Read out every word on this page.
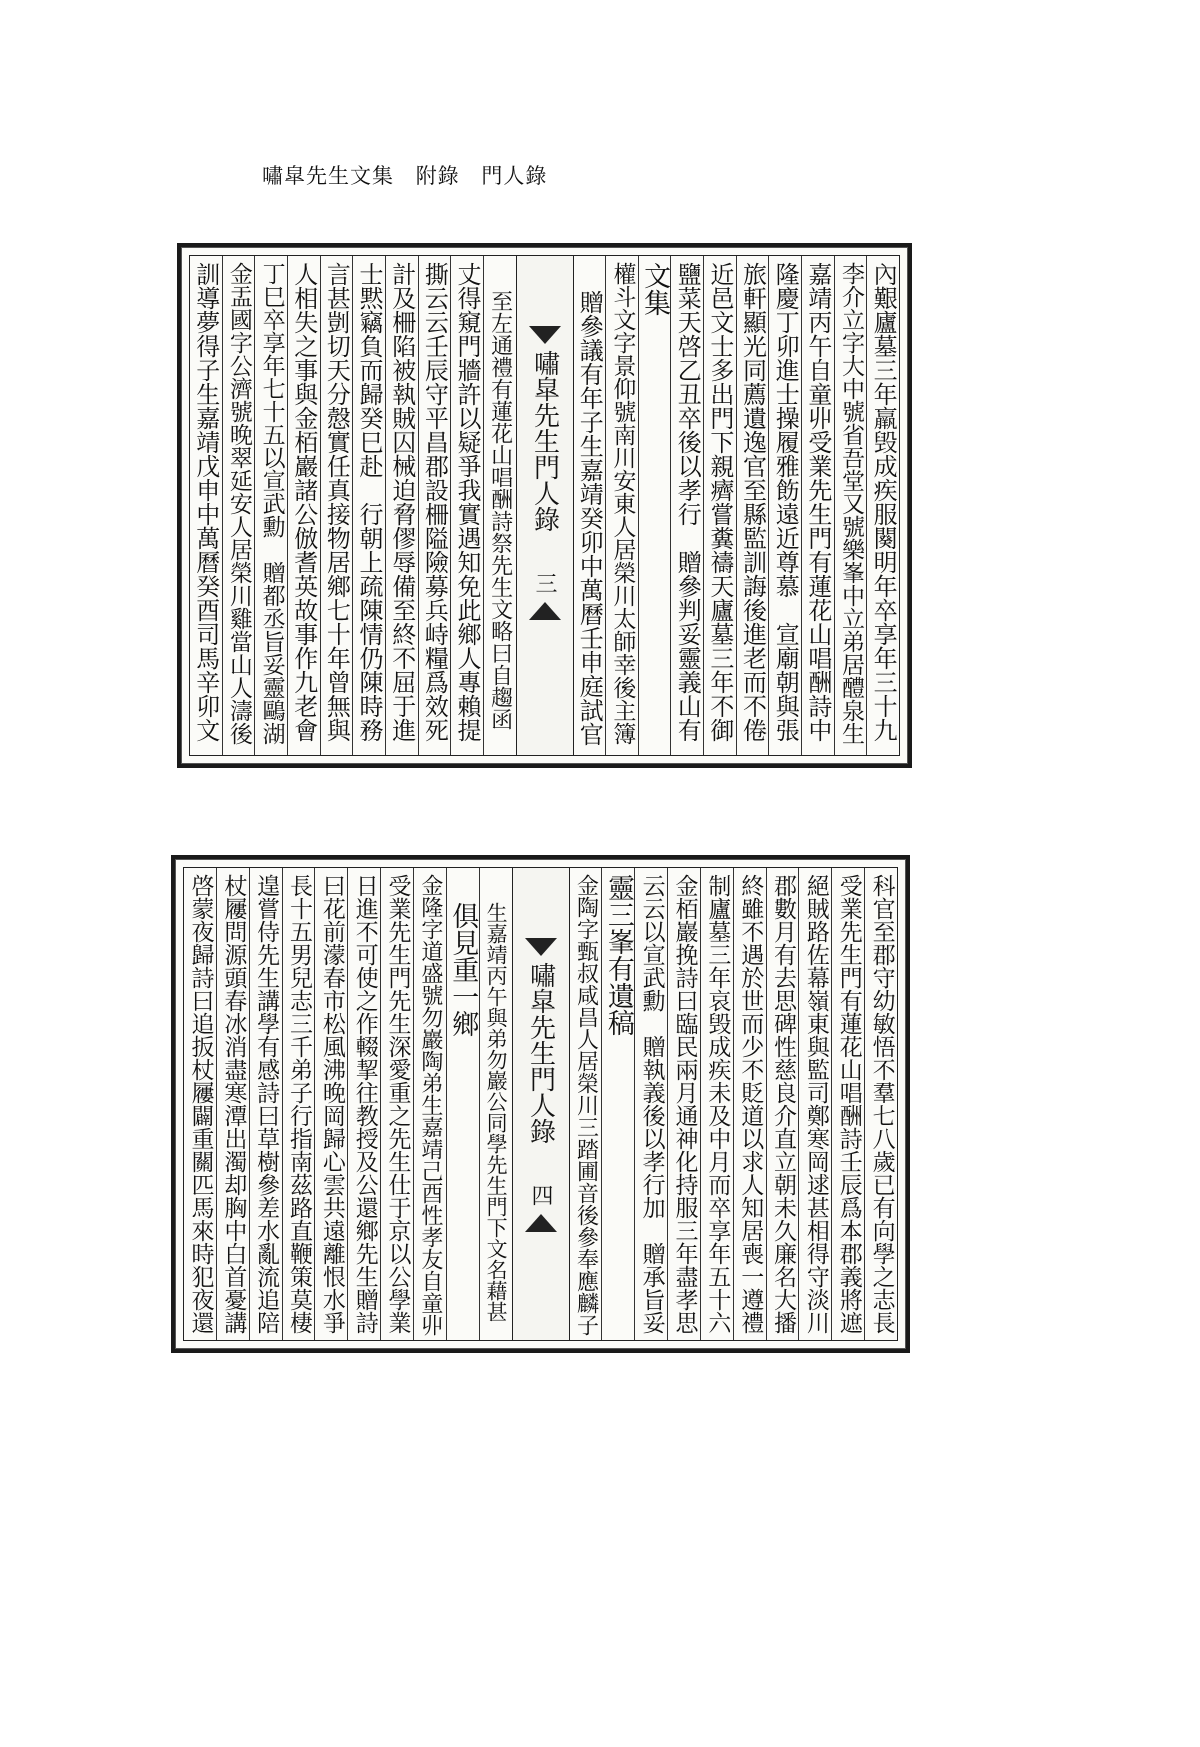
嘯皐先生文集 附錄 門人錄
內艱廬墓三年羸毁成疾服闋明年卒享年三十九
李介立字大中號省吾堂又號樂峯中立弟居醴泉生
嘉靖丙午自童丱受業先生門有蓮花山唱酬詩中
隆慶丁卯進士操履雅飭遠近尊慕　宣廟朝與張
旅軒顯光同薦遺逸官至縣監訓誨後進老而不倦
近邑文士多出門下親癠嘗糞禱天廬墓三年不御
鹽菜天啓乙丑卒後以孝行　贈參判妥靈義山有
文集
權斗文字景仰號南川安東人居榮川太師幸後主簿
贈參議有年子生嘉靖癸卯中萬曆壬申庭試官
嘯皐先生門人錄
三
至左通禮有蓮花山唱酬詩祭先生文略曰自趨函
丈得窺門牆許以疑爭我實遇知免此鄉人專賴提
撕云云壬辰守平昌郡設柵隘險募兵峙糧爲效死
計及柵陷被執賊囚械迫脅僇辱備至終不屈于進
士黙竊負而歸癸巳赴　行朝上疏陳情仍陳時務
言甚剴切天分慤實任真接物居鄉七十年曾無與
人相失之事與金栢巖諸公倣耆英故事作九老會
丁巳卒享年七十五以宣武勳　贈都丞旨妥靈鷗湖
金盂國字公濟號晚翠延安人居榮川雞當山人濤後
訓導夢得子生嘉靖戊申中萬曆癸酉司馬辛卯文
科官至郡守幼敏悟不羣七八歲已有向學之志長
受業先生門有蓮花山唱酬詩壬辰爲本郡義將遮
絕賊路佐幕嶺東與監司鄭寒岡逑甚相得守淡川
郡數月有去思碑性慈良介直立朝未久廉名大播
終雖不遇於世而少不貶道以求人知居喪一遵禮
制廬墓三年哀毁成疾未及中月而卒享年五十六
金栢巖挽詩曰臨民兩月通神化持服三年盡孝思
云云以宣武勳　贈執義後以孝行加　贈承旨妥
靈三峯有遺稿
金陶字甄叔咸昌人居榮川三踏圃音後參奉應麟子
嘯皐先生門人錄
四
生嘉靖丙午與弟勿巖公同學先生門下文名藉甚
俱見重一鄉
金隆字道盛號勿巖陶弟生嘉靖己酉性孝友自童丱
受業先生門先生深愛重之先生仕于京以公學業
日進不可使之作輟挈往教授及公還鄉先生贈詩
曰花前濛春市松風沸晚岡歸心雲共遠離恨水爭
長十五男兒志三千弟子行指南茲路直鞭策莫棲
遑嘗侍先生講學有感詩曰草樹參差水亂流追陪
杖屨問源頭春冰消盡寒潭出濁却胸中白首憂講
啓蒙夜歸詩曰追扳杖屨闢重關匹馬來時犯夜還
